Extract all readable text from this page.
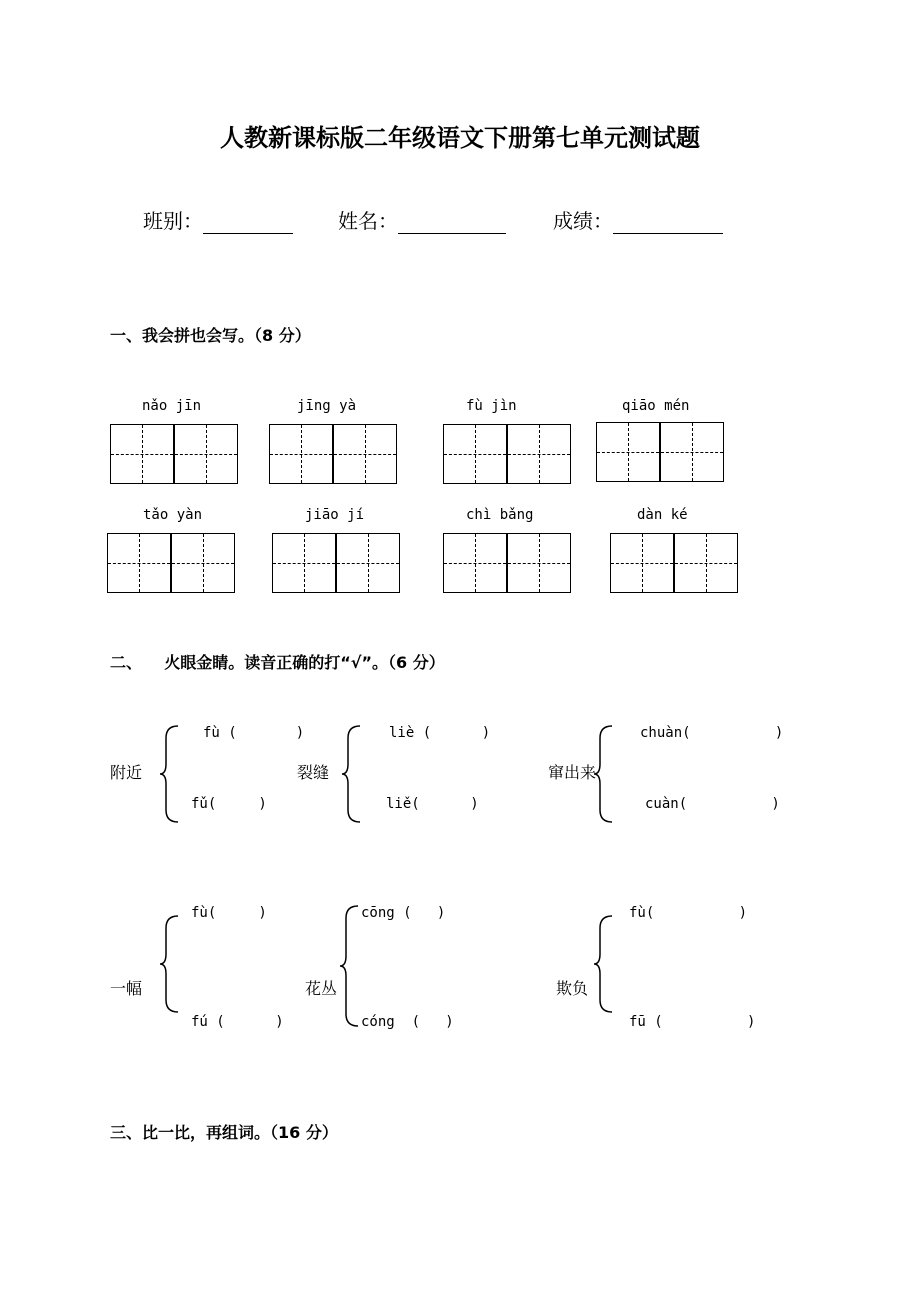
人教新课标版二年级语文下册第七单元测试题
班别：	姓名：	成绩：
一、我会拼也会写。（8 分）
nǎo jīn	jīng yà	fù jìn	qiāo mén
tǎo yàn	jiāo jí	chì bǎng	dàn ké
二、    火眼金睛。读音正确的打“√”。（6 分）
附近
fù (       )
fǔ(     )
裂缝
liè (      )
liě(      )
窜出来
chuàn(          )
cuàn(          )
一幅
fù(     )
fú (      )
花丛
cōng (   )
cóng  (   )
欺负
fù(          )
fū (          )
三、比一比，再组词。（16 分）
